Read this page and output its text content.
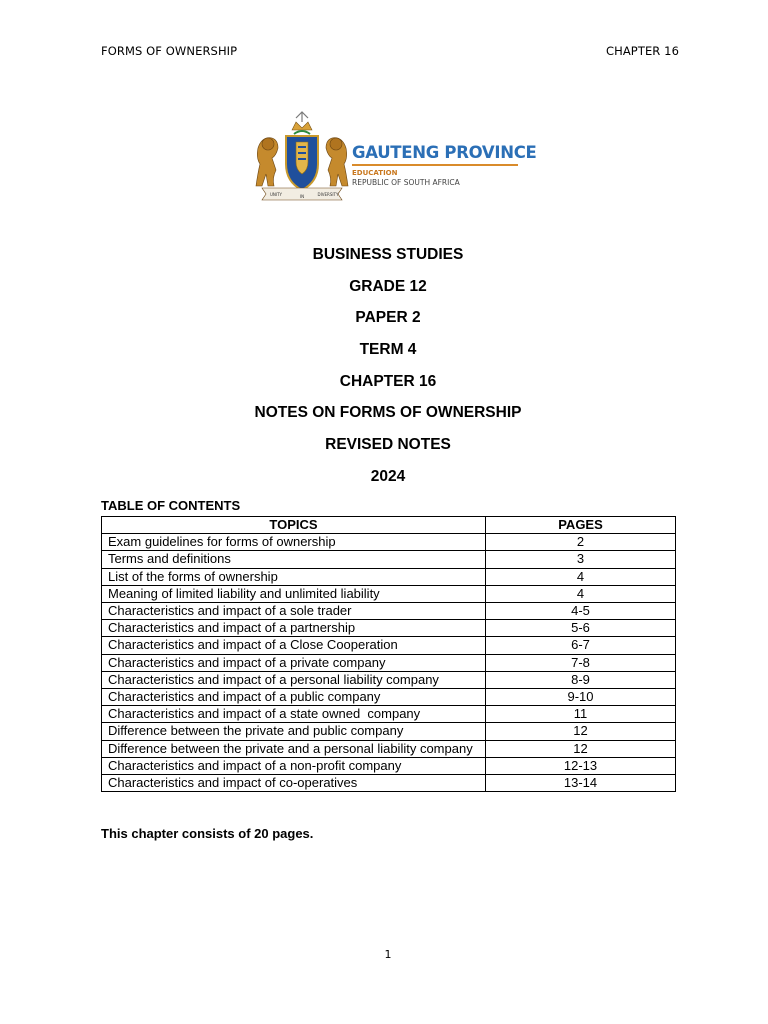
FORMS OF OWNERSHIP	CHAPTER 16
UNITY	IN	DIVERSITY
GAUTENG PROVINCE
EDUCATION
REPUBLIC OF SOUTH AFRICA
BUSINESS STUDIES
GRADE 12
PAPER 2
TERM 4
CHAPTER 16
NOTES ON FORMS OF OWNERSHIP
REVISED NOTES
2024
TABLE OF CONTENTS
TOPICS	PAGES
Exam guidelines for forms of ownership	2
Terms and definitions	3
List of the forms of ownership	4
Meaning of limited liability and unlimited liability	4
Characteristics and impact of a sole trader	4-5
Characteristics and impact of a partnership	5-6
Characteristics and impact of a Close Cooperation	6-7
Characteristics and impact of a private company	7-8
Characteristics and impact of a personal liability company	8-9
Characteristics and impact of a public company	9-10
Characteristics and impact of a state owned  company	11
Difference between the private and public company	12
Difference between the private and a personal liability company	12
Characteristics and impact of a non-profit company	12-13
Characteristics and impact of co-operatives	13-14
This chapter consists of 20 pages.
1
